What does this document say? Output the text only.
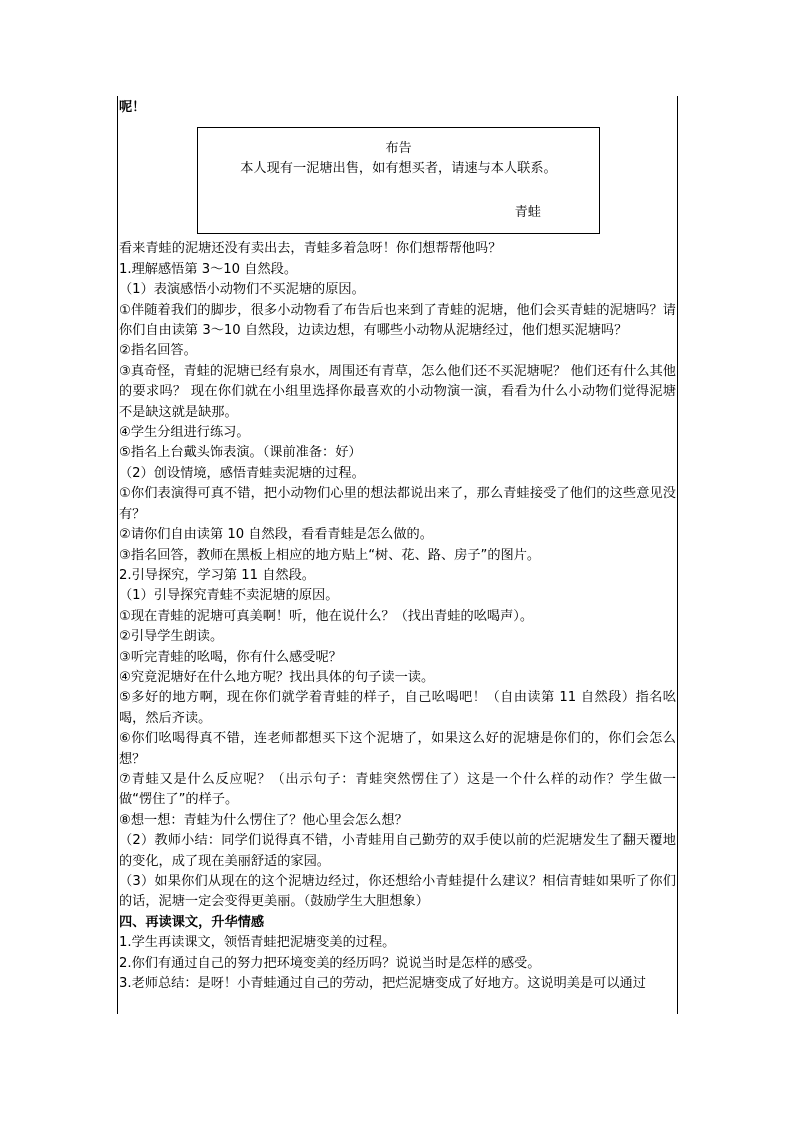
呢！

布告
本人现有一泥塘出售，如有想买者，请速与本人联系。
青蛙

看来青蛙的泥塘还没有卖出去，青蛙多着急呀！你们想帮帮他吗？

1.理解感悟第 3～10 自然段。

（1）表演感悟小动物们不买泥塘的原因。

①伴随着我们的脚步，很多小动物看了布告后也来到了青蛙的泥塘，他们会买青蛙的泥塘吗？请你们自由读第 3～10 自然段，边读边想，有哪些小动物从泥塘经过，他们想买泥塘吗？

②指名回答。

③真奇怪，青蛙的泥塘已经有泉水，周围还有青草，怎么他们还不买泥塘呢？ 他们还有什么其他的要求吗？ 现在你们就在小组里选择你最喜欢的小动物演一演，看看为什么小动物们觉得泥塘不是缺这就是缺那。

④学生分组进行练习。

⑤指名上台戴头饰表演。（课前准备：好）

（2）创设情境，感悟青蛙卖泥塘的过程。

①你们表演得可真不错，把小动物们心里的想法都说出来了，那么青蛙接受了他们的这些意见没有？

②请你们自由读第 10 自然段，看看青蛙是怎么做的。

③指名回答，教师在黑板上相应的地方贴上“树、花、路、房子”的图片。

2.引导探究，学习第 11 自然段。

（1）引导探究青蛙不卖泥塘的原因。

①现在青蛙的泥塘可真美啊！听，他在说什么？（找出青蛙的吆喝声）。

②引导学生朗读。

③听完青蛙的吆喝，你有什么感受呢？

④究竟泥塘好在什么地方呢？找出具体的句子读一读。

⑤多好的地方啊，现在你们就学着青蛙的样子，自己吆喝吧！（自由读第 11 自然段）指名吆喝，然后齐读。

⑥你们吆喝得真不错，连老师都想买下这个泥塘了，如果这么好的泥塘是你们的，你们会怎么想？

⑦青蛙又是什么反应呢？（出示句子：青蛙突然愣住了）这是一个什么样的动作？学生做一做“愣住了”的样子。

⑧想一想：青蛙为什么愣住了？他心里会怎么想？

（2）教师小结：同学们说得真不错，小青蛙用自己勤劳的双手使以前的烂泥塘发生了翻天覆地的变化，成了现在美丽舒适的家园。

（3）如果你们从现在的这个泥塘边经过，你还想给小青蛙提什么建议？相信青蛙如果听了你们的话，泥塘一定会变得更美丽。（鼓励学生大胆想象）

四、再读课文，升华情感

1.学生再读课文，领悟青蛙把泥塘变美的过程。

2.你们有通过自己的努力把环境变美的经历吗？说说当时是怎样的感受。

3.老师总结：是呀！小青蛙通过自己的劳动，把烂泥塘变成了好地方。这说明美是可以通过
